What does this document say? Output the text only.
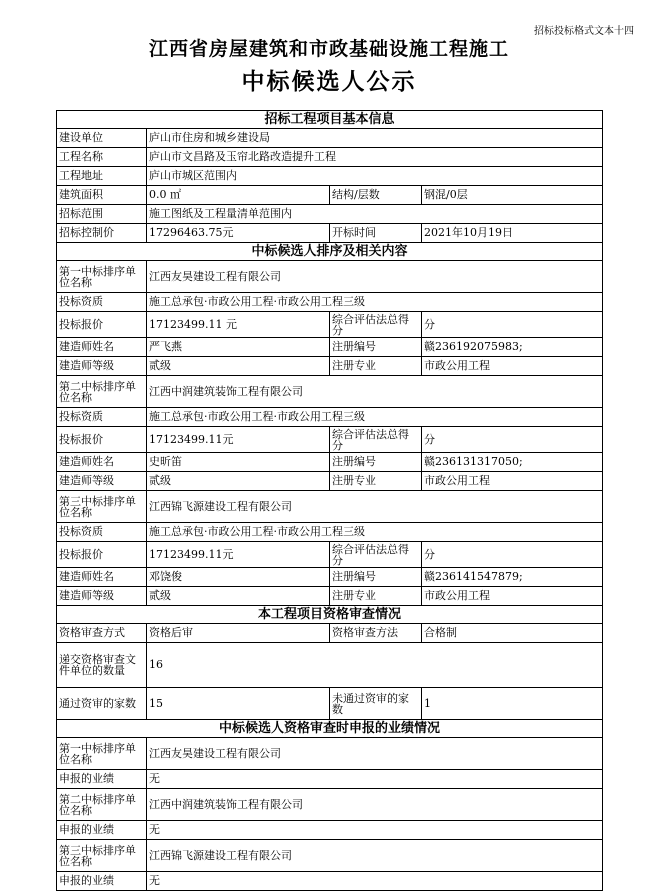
招标投标格式文本十四
江西省房屋建筑和市政基础设施工程施工
中标候选人公示
招标工程项目基本信息			
建设单位	庐山市住房和城乡建设局		
工程名称	庐山市文昌路及玉帘北路改造提升工程		
工程地址	庐山市城区范围内		
建筑面积	0.0 ㎡	结构/层数	钢混/0层
招标范围	施工图纸及工程量清单范围内		
招标控制价	17296463.75元	开标时间	2021年10月19日
中标候选人排序及相关内容			
第一中标排序单位名称	江西友昊建设工程有限公司		
投标资质	施工总承包·市政公用工程·市政公用工程三级		
投标报价	17123499.11 元	综合评估法总得分	分
建造师姓名	严飞燕	注册编号	赣236192075983;
建造师等级	贰级	注册专业	市政公用工程
第二中标排序单位名称	江西中润建筑装饰工程有限公司		
投标资质	施工总承包·市政公用工程·市政公用工程三级		
投标报价	17123499.11元	综合评估法总得分	分
建造师姓名	史昕笛	注册编号	赣236131317050;
建造师等级	贰级	注册专业	市政公用工程
第三中标排序单位名称	江西锦飞源建设工程有限公司		
投标资质	施工总承包·市政公用工程·市政公用工程三级		
投标报价	17123499.11元	综合评估法总得分	分
建造师姓名	邓饶俊	注册编号	赣236141547879;
建造师等级	贰级	注册专业	市政公用工程
本工程项目资格审查情况			
资格审查方式	资格后审	资格审查方法	合格制
递交资格审查文件单位的数量	16		
通过资审的家数	15	未通过资审的家数	1
中标候选人资格审查时申报的业绩情况			
第一中标排序单位名称	江西友昊建设工程有限公司		
申报的业绩	无		
第二中标排序单位名称	江西中润建筑装饰工程有限公司		
申报的业绩	无		
第三中标排序单位名称	江西锦飞源建设工程有限公司		
申报的业绩	无		
